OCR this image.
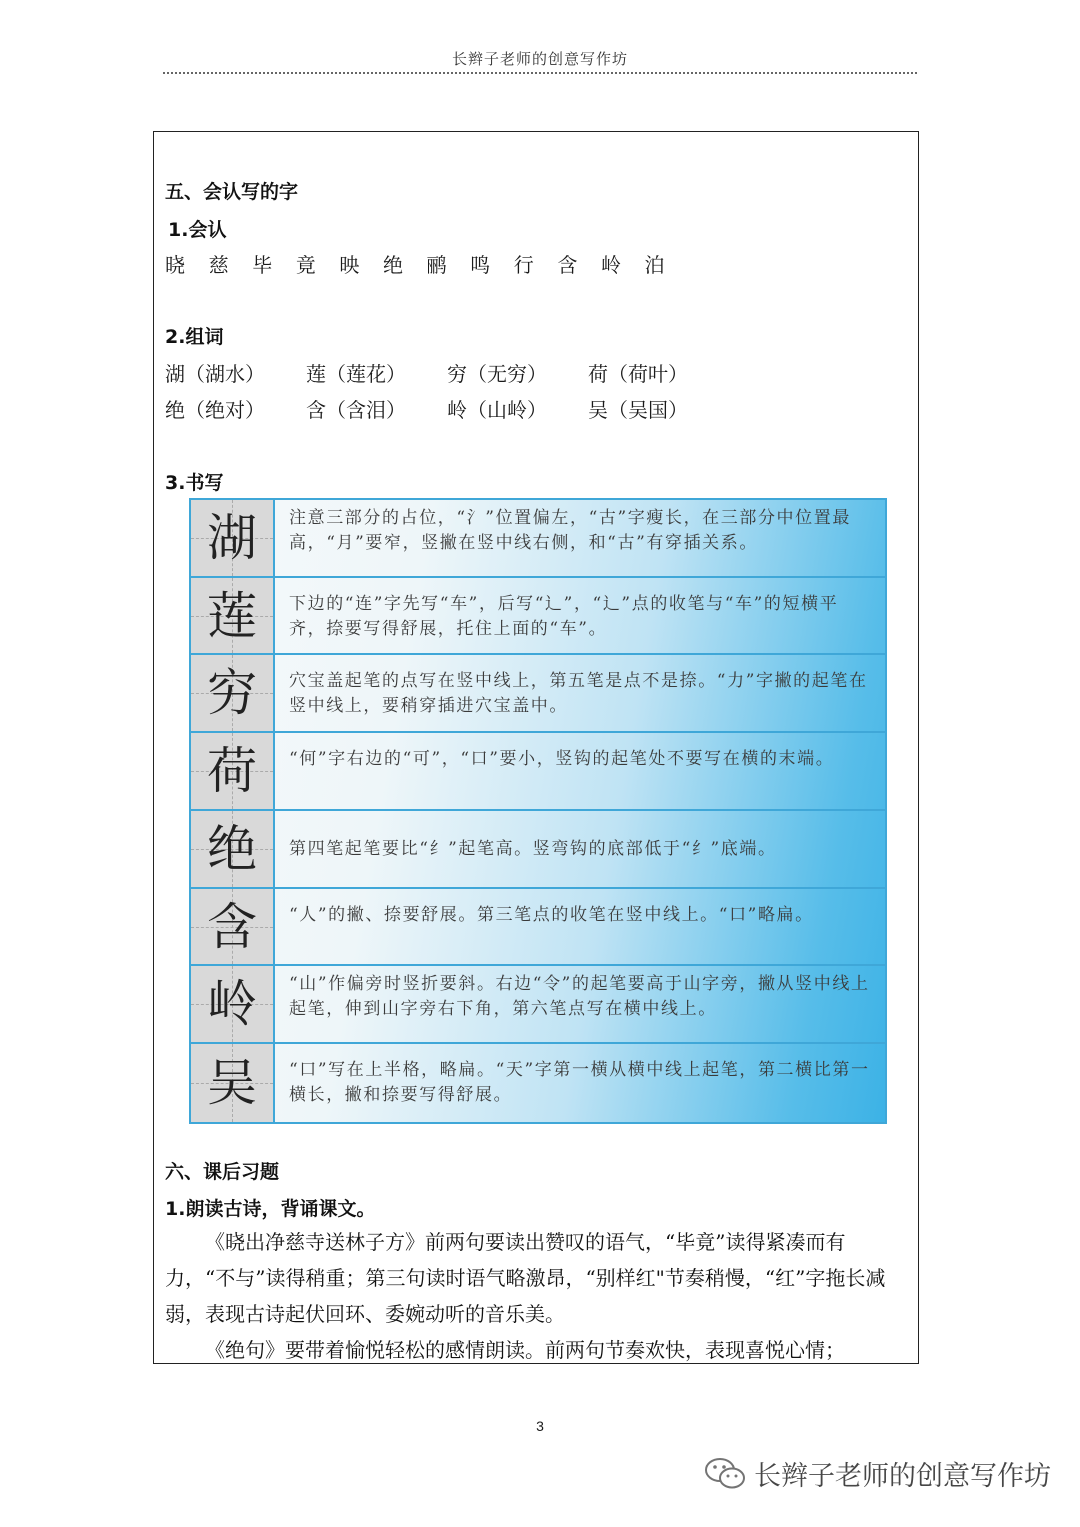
长辫子老师的创意写作坊
五、会认写的字
1.会认
晓	慈	毕	竟	映	绝	鹂	鸣	行	含	岭	泊
2.组词
湖（湖水）	莲（莲花）	穷（无穷）	荷（荷叶）
绝（绝对）	含（含泪）	岭（山岭）	吴（吴国）
3.书写
湖	注意三部分的占位，“氵”位置偏左，“古”字瘦长，在三部分中位置最高，“月”要窄，竖撇在竖中线右侧，和“古”有穿插关系。
莲	下边的“连”字先写“车”，后写“辶”，“辶”点的收笔与“车”的短横平齐，捺要写得舒展，托住上面的“车”。
穷	穴宝盖起笔的点写在竖中线上，第五笔是点不是捺。“力”字撇的起笔在竖中线上，要稍穿插进穴宝盖中。
荷	“何”字右边的“可”，“口”要小，竖钩的起笔处不要写在横的末端。
绝	第四笔起笔要比“纟”起笔高。竖弯钩的底部低于“纟”底端。
含	“人”的撇、捺要舒展。第三笔点的收笔在竖中线上。“口”略扁。
岭	“山”作偏旁时竖折要斜。右边“令”的起笔要高于山字旁，撇从竖中线上起笔，伸到山字旁右下角，第六笔点写在横中线上。
吴	“口”写在上半格，略扁。“天”字第一横从横中线上起笔，第二横比第一横长，撇和捺要写得舒展。
六、课后习题
1.朗读古诗，背诵课文。
《晓出净慈寺送林子方》前两句要读出赞叹的语气，“毕竟”读得紧凑而有力，“不与”读得稍重；第三句读时语气略激昂，“别样红"节奏稍慢，“红”字拖长减弱，表现古诗起伏回环、委婉动听的音乐美。
《绝句》要带着愉悦轻松的感情朗读。前两句节奏欢快，表现喜悦心情；
3
长辫子老师的创意写作坊
